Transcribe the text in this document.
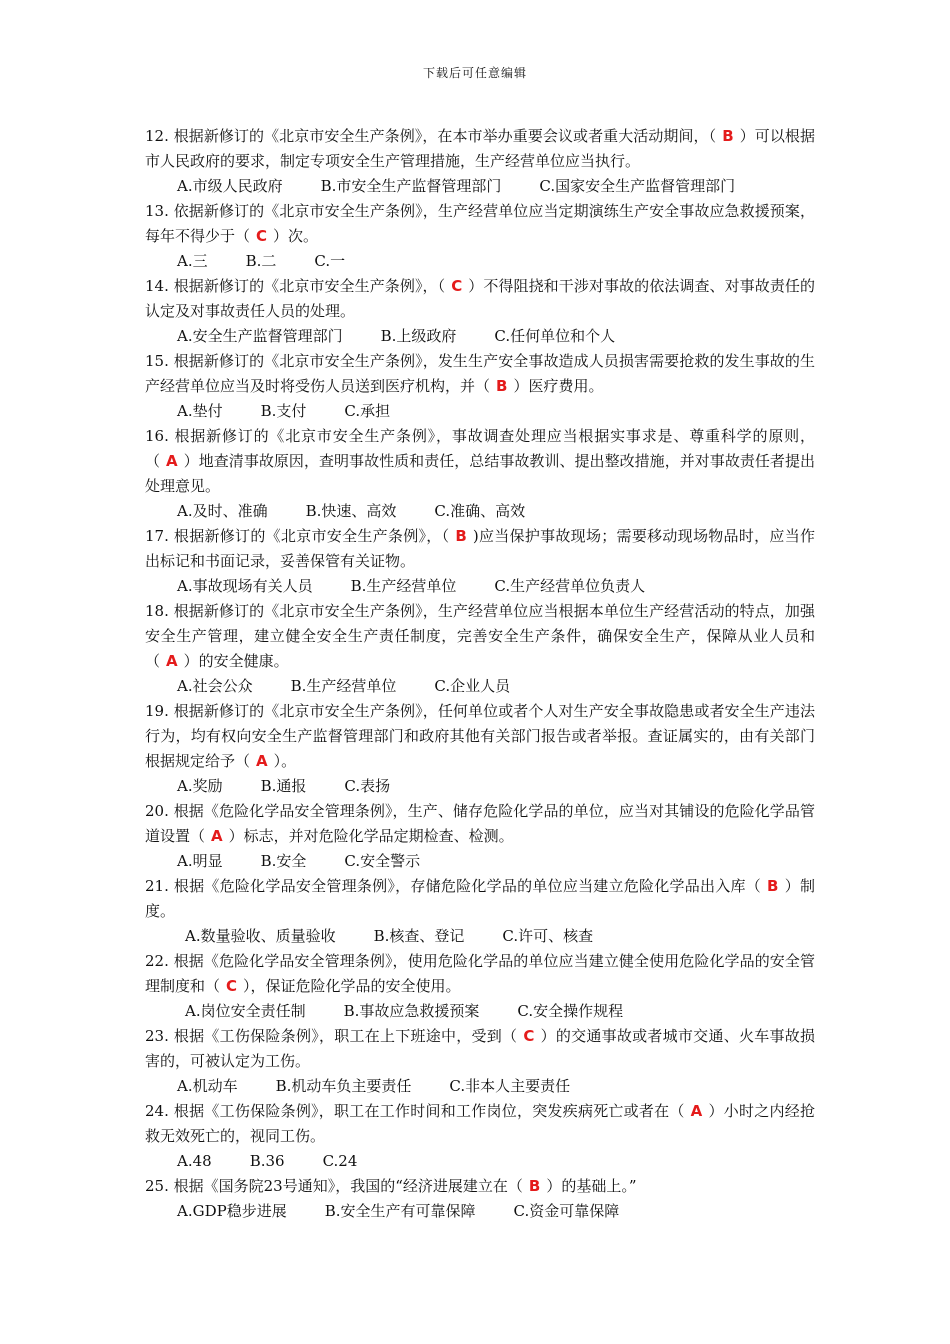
下载后可任意编辑

12. 根据新修订的《北京市安全生产条例》，在本市举办重要会议或者重大活动期间，（ B ）可以根据市人民政府的要求，制定专项安全生产管理措施，生产经营单位应当执行。

A.市级人民政府	B.市安全生产监督管理部门	C.国家安全生产监督管理部门

13. 依据新修订的《北京市安全生产条例》，生产经营单位应当定期演练生产安全事故应急救援预案，每年不得少于（ C ）次。

A.三	B.二	C.一

14. 根据新修订的《北京市安全生产条例》，（ C ）不得阻挠和干涉对事故的依法调查、对事故责任的认定及对事故责任人员的处理。

A.安全生产监督管理部门	B.上级政府	C.任何单位和个人

15. 根据新修订的《北京市安全生产条例》，发生生产安全事故造成人员损害需要抢救的发生事故的生产经营单位应当及时将受伤人员送到医疗机构，并（ B ）医疗费用。

A.垫付	B.支付	C.承担

16. 根据新修订的《北京市安全生产条例》，事故调查处理应当根据实事求是、尊重科学的原则，（ A ）地查清事故原因，查明事故性质和责任，总结事故教训、提出整改措施，并对事故责任者提出处理意见。

A.及时、准确	B.快速、高效	C.准确、高效

17. 根据新修订的《北京市安全生产条例》，（ B )应当保护事故现场；需要移动现场物品时，应当作出标记和书面记录，妥善保管有关证物。

A.事故现场有关人员	B.生产经营单位	C.生产经营单位负责人

18. 根据新修订的《北京市安全生产条例》，生产经营单位应当根据本单位生产经营活动的特点，加强安全生产管理，建立健全安全生产责任制度，完善安全生产条件，确保安全生产，保障从业人员和（ A ）的安全健康。

A.社会公众	B.生产经营单位	C.企业人员

19. 根据新修订的《北京市安全生产条例》，任何单位或者个人对生产安全事故隐患或者安全生产违法行为，均有权向安全生产监督管理部门和政府其他有关部门报告或者举报。查证属实的，由有关部门根据规定给予（ A ）。

A.奖励	B.通报	C.表扬

20. 根据《危险化学品安全管理条例》，生产、储存危险化学品的单位，应当对其铺设的危险化学品管道设置（ A ）标志，并对危险化学品定期检查、检测。

A.明显	B.安全	C.安全警示

21. 根据《危险化学品安全管理条例》，存储危险化学品的单位应当建立危险化学品出入库（ B ）制度。

A.数量验收、质量验收	B.核查、登记	C.许可、核查

22. 根据《危险化学品安全管理条例》，使用危险化学品的单位应当建立健全使用危险化学品的安全管理制度和（ C ），保证危险化学品的安全使用。

A.岗位安全责任制	B.事故应急救援预案	C.安全操作规程

23. 根据《工伤保险条例》，职工在上下班途中，受到（ C ）的交通事故或者城市交通、火车事故损害的，可被认定为工伤。

A.机动车	B.机动车负主要责任	C.非本人主要责任

24. 根据《工伤保险条例》，职工在工作时间和工作岗位，突发疾病死亡或者在（ A ）小时之内经抢救无效死亡的，视同工伤。

A.48	B.36	C.24

25. 根据《国务院23号通知》，我国的“经济进展建立在（ B ）的基础上。”

A.GDP稳步进展	B.安全生产有可靠保障	C.资金可靠保障
